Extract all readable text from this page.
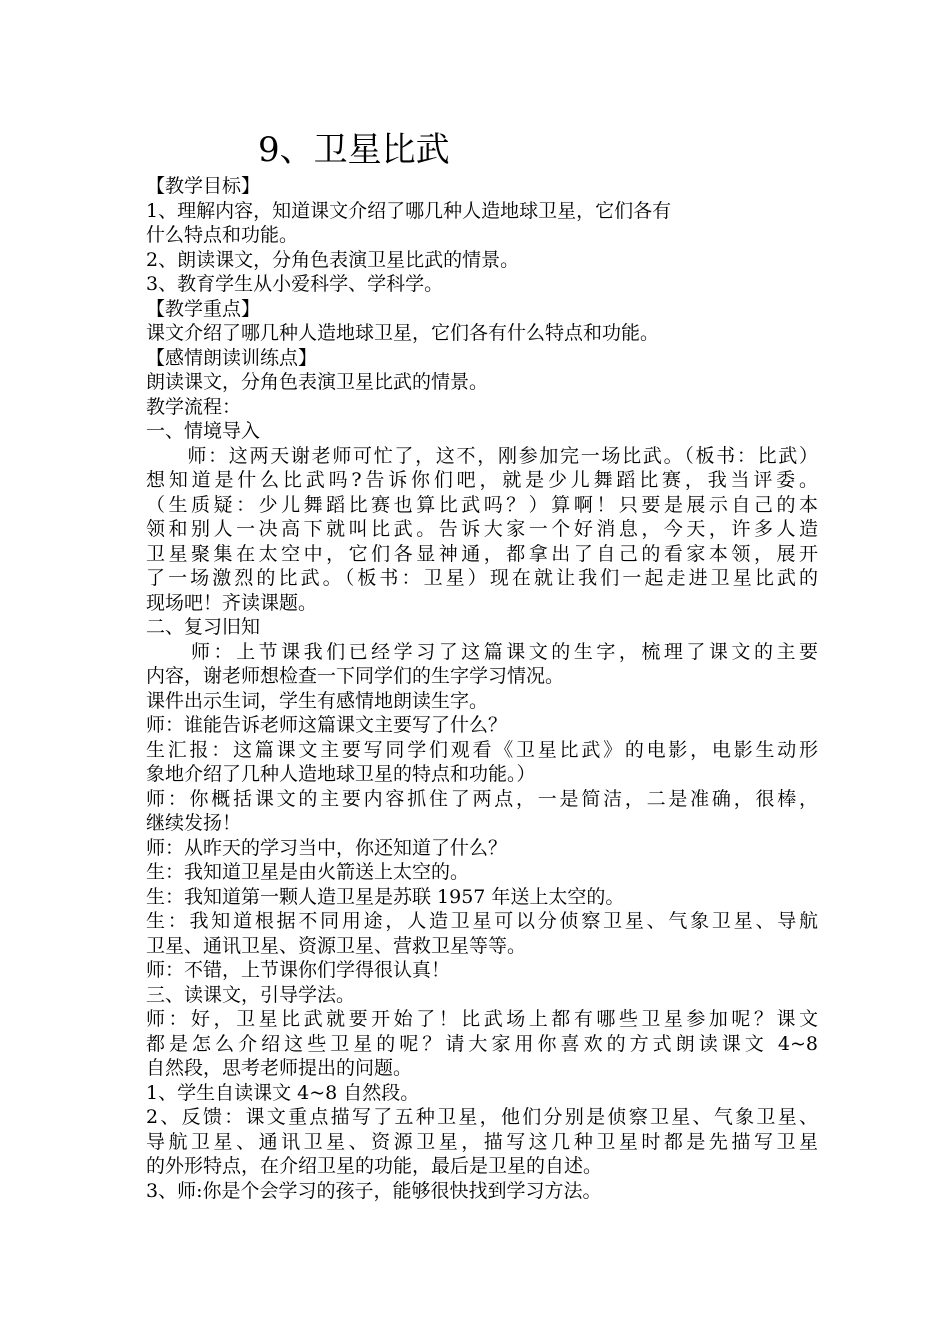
9、卫星比武
【教学目标】
1、理解内容，知道课文介绍了哪几种人造地球卫星，它们各有
什么特点和功能。
2、朗读课文，分角色表演卫星比武的情景。
3、教育学生从小爱科学、学科学。
【教学重点】
课文介绍了哪几种人造地球卫星，它们各有什么特点和功能。
【感情朗读训练点】
朗读课文，分角色表演卫星比武的情景。
教学流程：
一、情境导入
　　师：这两天谢老师可忙了，这不，刚参加完一场比武。（板书：比武）
想知道是什么比武吗?告诉你们吧，就是少儿舞蹈比赛，我当评委。
（生质疑：少儿舞蹈比赛也算比武吗？）算啊！只要是展示自己的本
领和别人一决高下就叫比武。告诉大家一个好消息，今天，许多人造
卫星聚集在太空中，它们各显神通，都拿出了自己的看家本领，展开
了一场激烈的比武。（板书：卫星）现在就让我们一起走进卫星比武的
现场吧！齐读课题。
二、复习旧知
　　师：上节课我们已经学习了这篇课文的生字，梳理了课文的主要
内容，谢老师想检查一下同学们的生字学习情况。
课件出示生词，学生有感情地朗读生字。
师：谁能告诉老师这篇课文主要写了什么？
生汇报：这篇课文主要写同学们观看《卫星比武》的电影，电影生动形
象地介绍了几种人造地球卫星的特点和功能。）
师：你概括课文的主要内容抓住了两点，一是简洁，二是准确，很棒，
继续发扬！
师：从昨天的学习当中，你还知道了什么？
生：我知道卫星是由火箭送上太空的。
生：我知道第一颗人造卫星是苏联 1957 年送上太空的。
生：我知道根据不同用途，人造卫星可以分侦察卫星、气象卫星、导航
卫星、通讯卫星、资源卫星、营救卫星等等。
师：不错，上节课你们学得很认真！
三、读课文，引导学法。
师：好，卫星比武就要开始了！比武场上都有哪些卫星参加呢？课文
都是怎么介绍这些卫星的呢？请大家用你喜欢的方式朗读课文 4~8
自然段，思考老师提出的问题。
1、学生自读课文 4~8 自然段。
2、反馈：课文重点描写了五种卫星，他们分别是侦察卫星、气象卫星、
导航卫星、通讯卫星、资源卫星，描写这几种卫星时都是先描写卫星
的外形特点，在介绍卫星的功能，最后是卫星的自述。
3、师:你是个会学习的孩子，能够很快找到学习方法。
